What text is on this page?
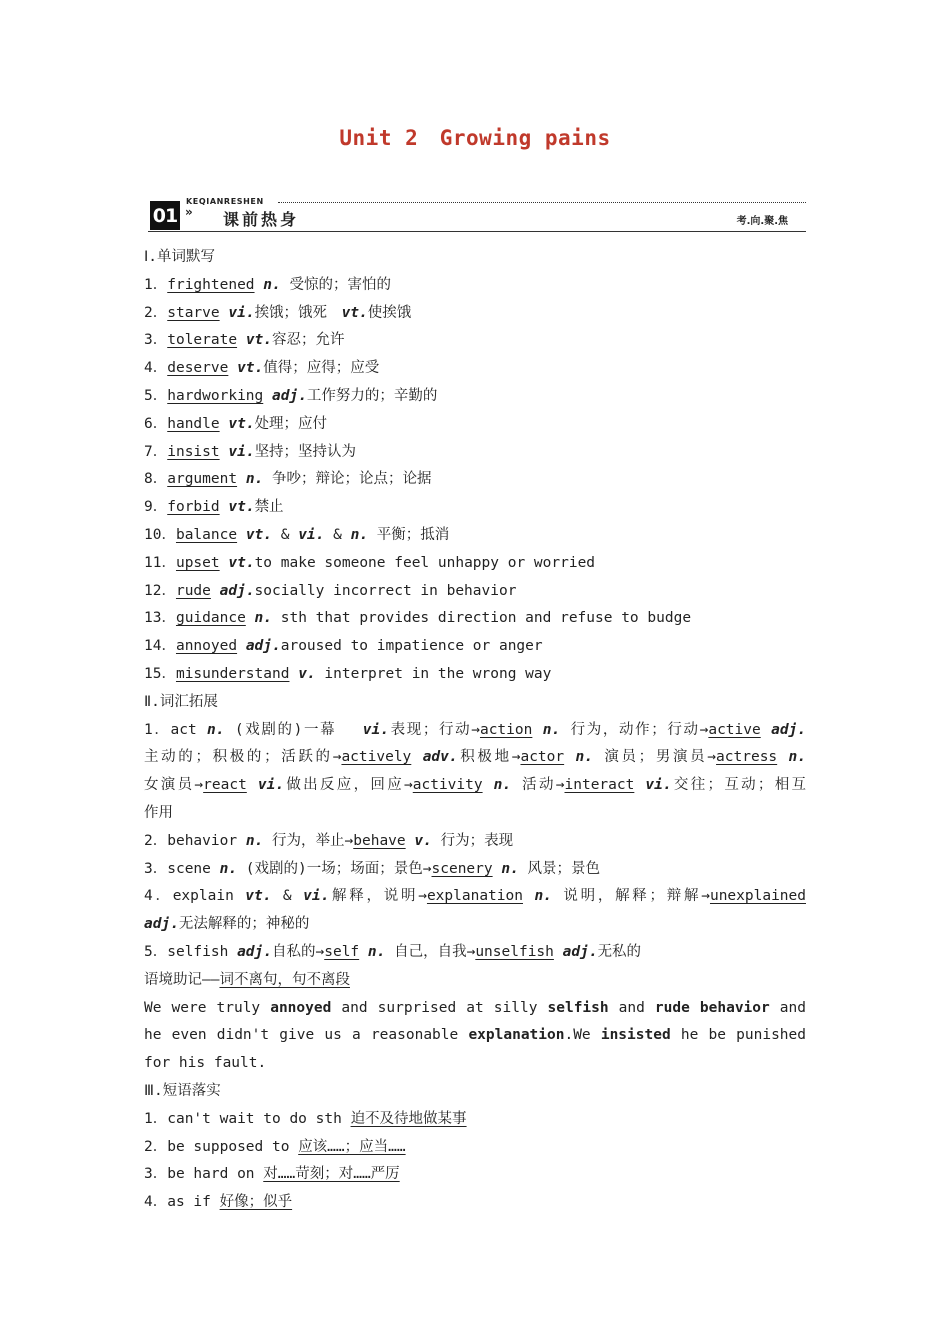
Unit 2　Growing pains
KEQIANRESHEN
01 » 课前热身	考.向.聚.焦
Ⅰ.单词默写
1．frightened n. 受惊的；害怕的
2．starve vi.挨饿；饿死　vt.使挨饿
3．tolerate vt.容忍；允许
4．deserve vt.值得；应得；应受
5．hardworking adj.工作努力的；辛勤的
6．handle vt.处理；应付
7．insist vi.坚持；坚持认为
8．argument n. 争吵；辩论；论点；论据
9．forbid vt.禁止
10．balance vt. & vi. & n. 平衡；抵消
11．upset vt.to make someone feel unhappy or worried
12．rude adj.socially incorrect in behavior
13．guidance n. sth that provides direction and refuse to budge
14．annoyed adj.aroused to impatience or anger
15．misunderstand v. interpret in the wrong way
Ⅱ.词汇拓展
1．act n. (戏剧的)一幕　 vi.表现；行动→action n. 行为，动作；行动→active adj.
主动的；积极的；活跃的→actively adv.积极地→actor n. 演员；男演员→actress n.
女演员→react vi.做出反应，回应→activity n. 活动→interact vi.交往；互动；相互
作用
2．behavior n. 行为，举止→behave v. 行为；表现
3．scene n. (戏剧的)一场；场面；景色→scenery n. 风景；景色
4．explain vt. & vi.解释，说明→explanation n. 说明，解释；辩解→unexplained
adj.无法解释的；神秘的
5．selfish adj.自私的→self n. 自己，自我→unselfish adj.无私的
语境助记——词不离句，句不离段
We were truly annoyed and surprised at silly selfish and rude behavior and he even didn't give us a reasonable explanation.We insisted he be punished for his fault.
Ⅲ.短语落实
1．can't wait to do sth 迫不及待地做某事
2．be supposed to 应该……；应当……
3．be hard on 对……苛刻；对……严厉
4．as if 好像；似乎
